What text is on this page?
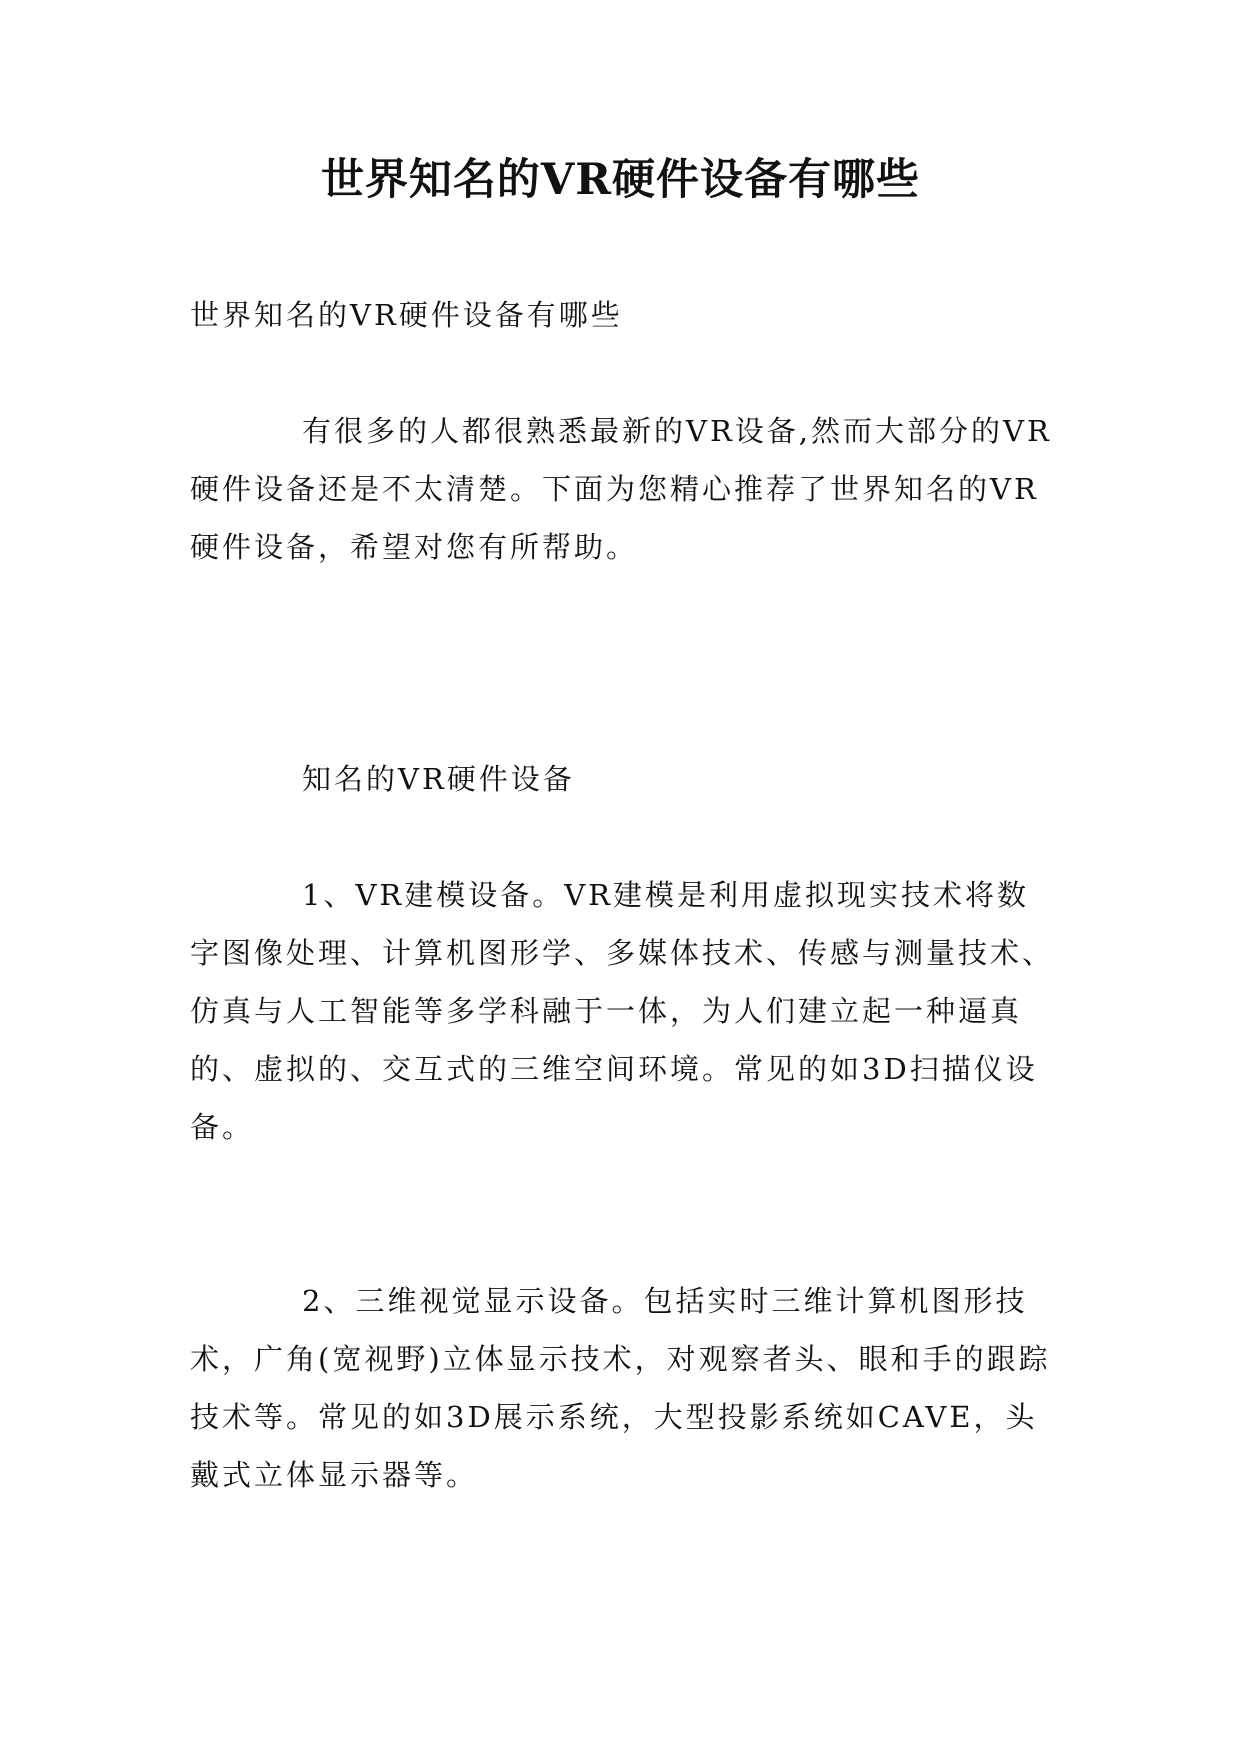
世界知名的VR硬件设备有哪些

世界知名的VR硬件设备有哪些

有很多的人都很熟悉最新的VR设备,然而大部分的VR硬件设备还是不太清楚。下面为您精心推荐了世界知名的VR硬件设备，希望对您有所帮助。

知名的VR硬件设备

1、VR建模设备。VR建模是利用虚拟现实技术将数字图像处理、计算机图形学、多媒体技术、传感与测量技术、仿真与人工智能等多学科融于一体，为人们建立起一种逼真的、虚拟的、交互式的三维空间环境。常见的如3D扫描仪设备。

2、三维视觉显示设备。包括实时三维计算机图形技术，广角(宽视野)立体显示技术，对观察者头、眼和手的跟踪技术等。常见的如3D展示系统，大型投影系统如CAVE，头戴式立体显示器等。
